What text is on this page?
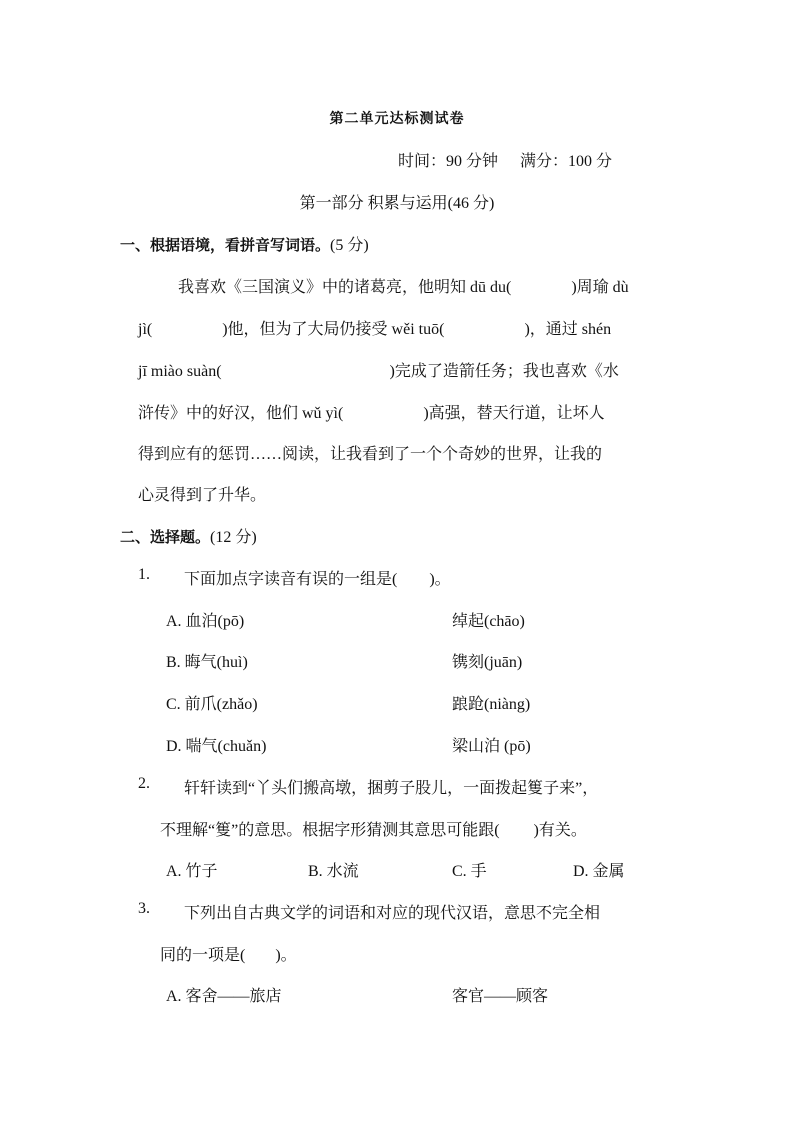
第二单元达标测试卷
时间：90 分钟 满分：100 分
第一部分 积累与运用(46 分)
一、根据语境，看拼音写词语。(5 分)
我喜欢《三国演义》中的诸葛亮，他明知 dū du(	)周瑜 dù
jì(	)他，但为了大局仍接受 wěi tuō(	)，通过 shén
jī miào suàn(	)完成了造箭任务；我也喜欢《水
浒传》中的好汉，他们 wǔ yì(	)高强，替天行道，让坏人
得到应有的惩罚……阅读，让我看到了一个个奇妙的世界，让我的
心灵得到了升华。
二、选择题。(12 分)
1. 下面加点字读音有误的一组是( )。
A. 血泊(pō)	绰起(chāo)
B. 晦气(huì)	镌刻(juān)
C. 前爪(zhǎo)	踉跄(niàng)
D. 喘气(chuǎn)	梁山泊 (pō)
2. 轩轩读到“丫头们搬高墩，捆剪子股儿，一面拨起篗子来”，
不理解“篗”的意思。根据字形猜测其意思可能跟( )有关。
A. 竹子	B. 水流	C. 手	D. 金属
3. 下列出自古典文学的词语和对应的现代汉语，意思不完全相
同的一项是( )。
A. 客舍——旅店	客官——顾客
